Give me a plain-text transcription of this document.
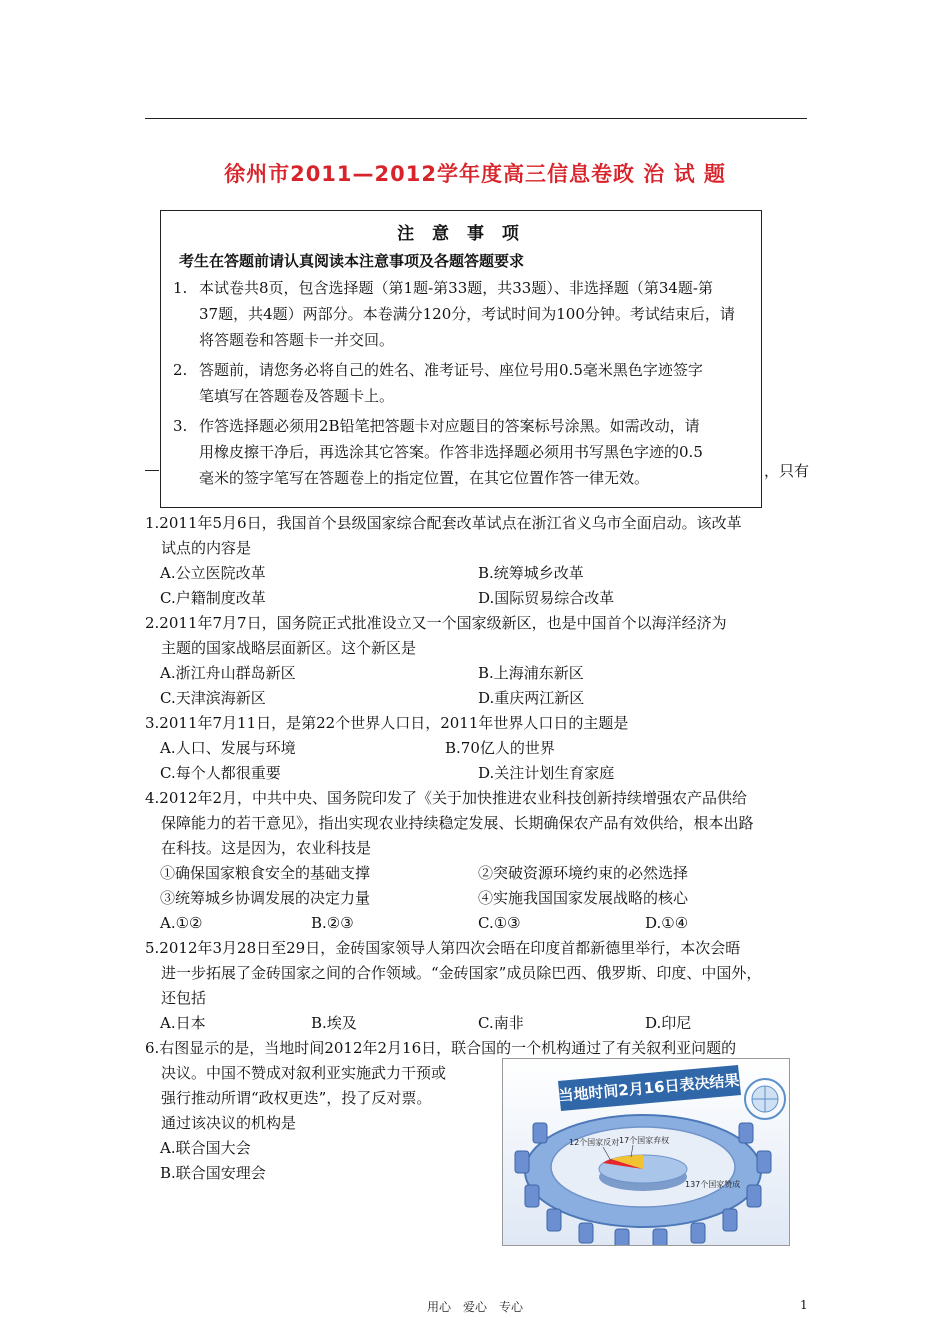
徐州市2011—2012学年度高三信息卷政 治 试 题
注 意 事 项
考生在答题前请认真阅读本注意事项及各题答题要求
1. 本试卷共8页，包含选择题（第1题-第33题，共33题）、非选择题（第34题-第
37题，共4题）两部分。本卷满分120分，考试时间为100分钟。考试结束后，请
将答题卷和答题卡一并交回。
2. 答题前，请您务必将自己的姓名、准考证号、座位号用0.5毫米黑色字迹签字
笔填写在答题卷及答题卡上。
3. 作答选择题必须用2B铅笔把答题卡对应题目的答案标号涂黑。如需改动，请
用橡皮擦干净后，再选涂其它答案。作答非选择题必须用书写黑色字迹的0.5
毫米的签字笔写在答题卷上的指定位置，在其它位置作答一律无效。	，只有
1.2011年5月6日，我国首个县级国家综合配套改革试点在浙江省义乌市全面启动。该改革
试点的内容是
A.公立医院改革	B.统筹城乡改革
C.户籍制度改革	D.国际贸易综合改革
2.2011年7月7日，国务院正式批准设立又一个国家级新区，也是中国首个以海洋经济为
主题的国家战略层面新区。这个新区是
A.浙江舟山群岛新区	B.上海浦东新区
C.天津滨海新区	D.重庆两江新区
3.2011年7月11日，是第22个世界人口日，2011年世界人口日的主题是
A.人口、发展与环境	B.70亿人的世界
C.每个人都很重要	D.关注计划生育家庭
4.2012年2月，中共中央、国务院印发了《关于加快推进农业科技创新持续增强农产品供给
保障能力的若干意见》，指出实现农业持续稳定发展、长期确保农产品有效供给，根本出路
在科技。这是因为，农业科技是
①确保国家粮食安全的基础支撑	②突破资源环境约束的必然选择
③统筹城乡协调发展的决定力量	④实施我国国家发展战略的核心
A.①②	B.②③	C.①③	D.①④
5.2012年3月28日至29日，金砖国家领导人第四次会晤在印度首都新德里举行，本次会晤
进一步拓展了金砖国家之间的合作领域。“金砖国家”成员除巴西、俄罗斯、印度、中国外，
还包括
A.日本	B.埃及	C.南非	D.印尼
6.右图显示的是，当地时间2012年2月16日，联合国的一个机构通过了有关叙利亚问题的
决议。中国不赞成对叙利亚实施武力干预或
强行推动所谓“政权更迭”，投了反对票。
通过该决议的机构是
A.联合国大会
B.联合国安理会
当地时间2月16日表决结果
12个国家反对 17个国家弃权
137个国家赞成
用心　爱心　专心	1
